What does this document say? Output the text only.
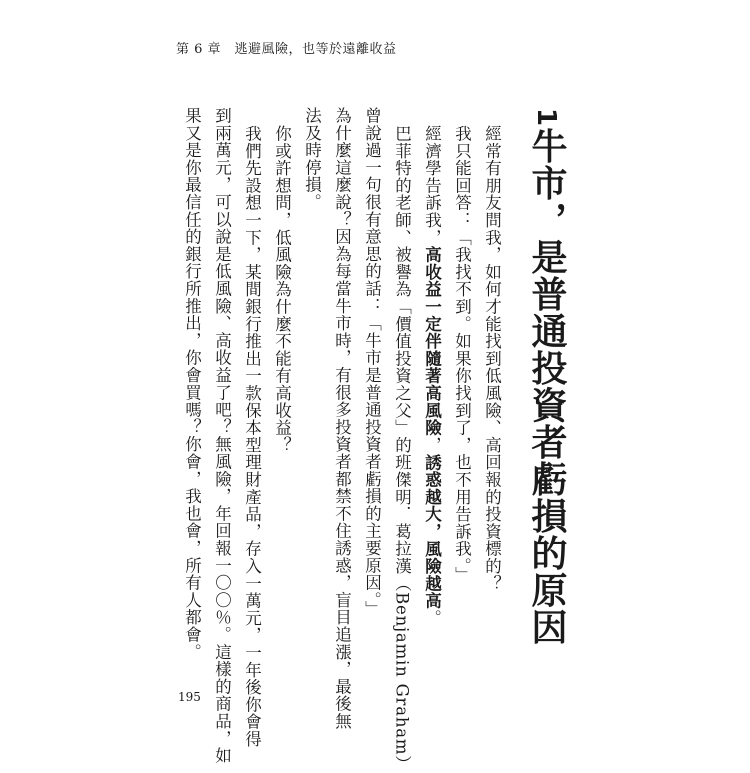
第 6 章　逃避風險，也等於遠離收益
1牛市，是普通投資者虧損的原因
經常有朋友問我，如何才能找到低風險、高回報的投資標的？
我只能回答：「我找不到。如果你找到了，也不用告訴我。」
經濟學告訴我，高收益一定伴隨著高風險，誘惑越大，風險越高。
巴菲特的老師、被譽為「價值投資之父」的班傑明．葛拉漢（Benjamin Graham）
曾說過一句很有意思的話：「牛市是普通投資者虧損的主要原因。」
為什麼這麼說？因為每當牛市時，有很多投資者都禁不住誘惑，盲目追漲，最後無
法及時停損。
你或許想問，低風險為什麼不能有高收益？
我們先設想一下，某間銀行推出一款保本型理財產品，存入一萬元，一年後你會得
到兩萬元，可以說是低風險、高收益了吧？無風險，年回報一〇〇％。這樣的商品，如
果又是你最信任的銀行所推出，你會買嗎？你會，我也會，所有人都會。
195
